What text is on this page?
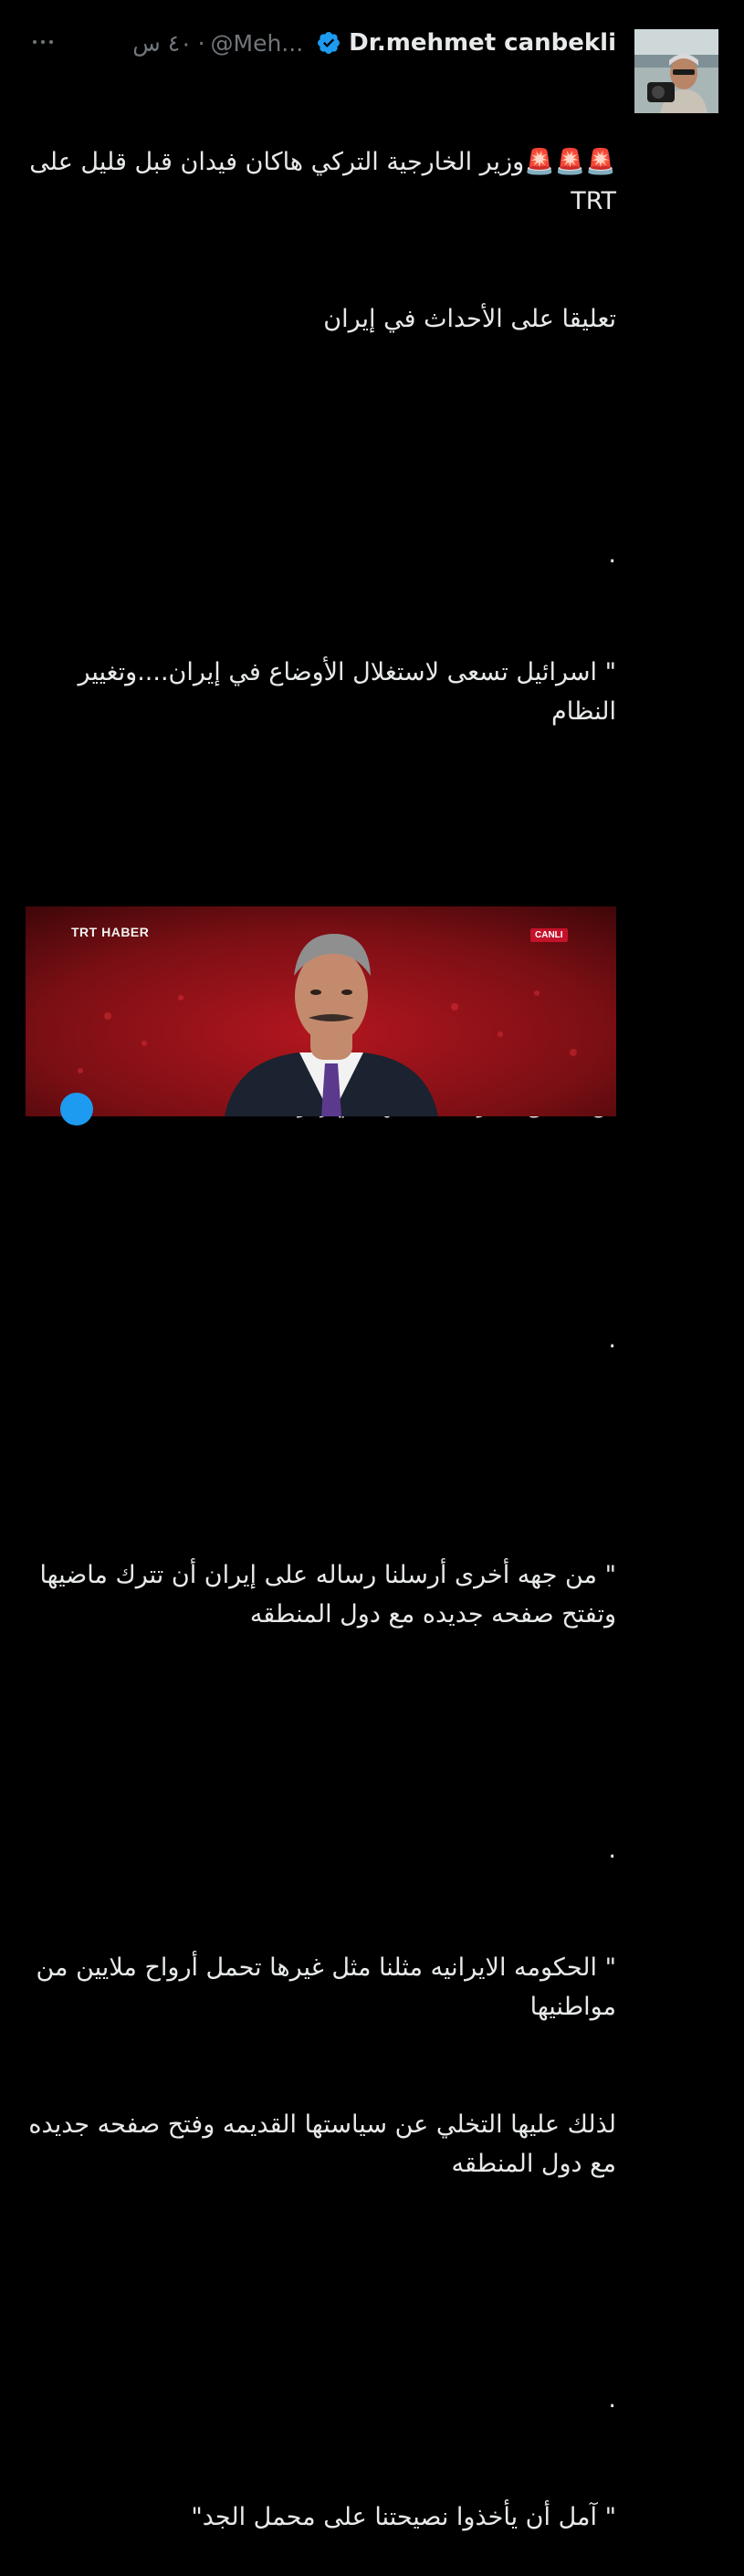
Dr.mehmet canbekli
@Meh...
·
٤٠ س

🚨🚨🚨وزير الخارجية التركي هاكان فيدان قبل قليل على TRT

تعليقا على الأحداث في إيران

.

" اسرائيل تسعى لاستغلال الأوضاع في إيران....وتغيير النظام

.

" من جهه أخرى أرسلنا رساله على إيران أن تترك ماضيها وتفتح صفحه جديده مع دول المنطقه

.

" الحكومه الايرانيه مثلنا مثل غيرها تحمل أرواح ملايين من مواطنيها

لذلك عليها التخلي عن سياستها القديمه وفتح صفحه جديده مع دول المنطقه

.

" آمل أن يأخذوا نصيحتنا على محمل الجد"

TRT HABER	CANLI
